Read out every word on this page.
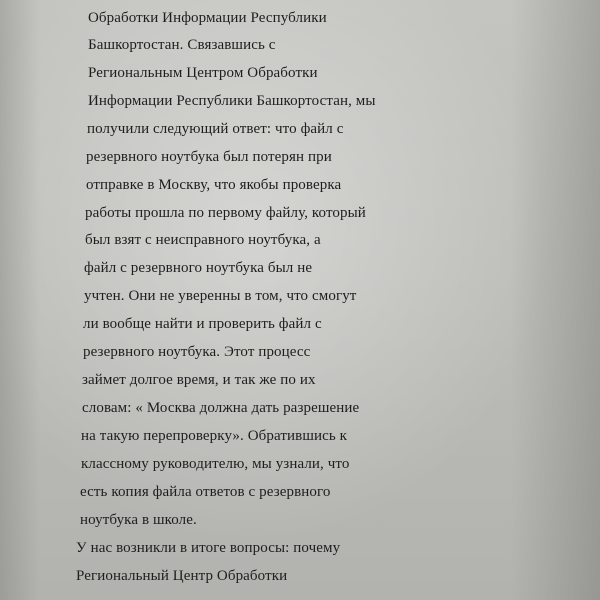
Обработки Информации Республики
Башкортостан. Связавшись с
Региональным Центром Обработки
Информации Республики Башкортостан, мы
получили следующий ответ: что файл с
резервного ноутбука был потерян при
отправке в Москву, что якобы проверка
работы прошла по первому файлу, который
был взят с неисправного ноутбука, а
файл с резервного ноутбука был не
учтен. Они не уверенны в том, что смогут
ли вообще найти и проверить файл с
резервного ноутбука. Этот процесс
займет долгое время, и так же по их
словам: « Москва должна дать разрешение
на такую перепроверку». Обратившись к
классному руководителю, мы узнали, что
есть копия файла ответов с резервного
ноутбука в школе.
У нас возникли в итоге вопросы: почему
Региональный Центр Обработки
